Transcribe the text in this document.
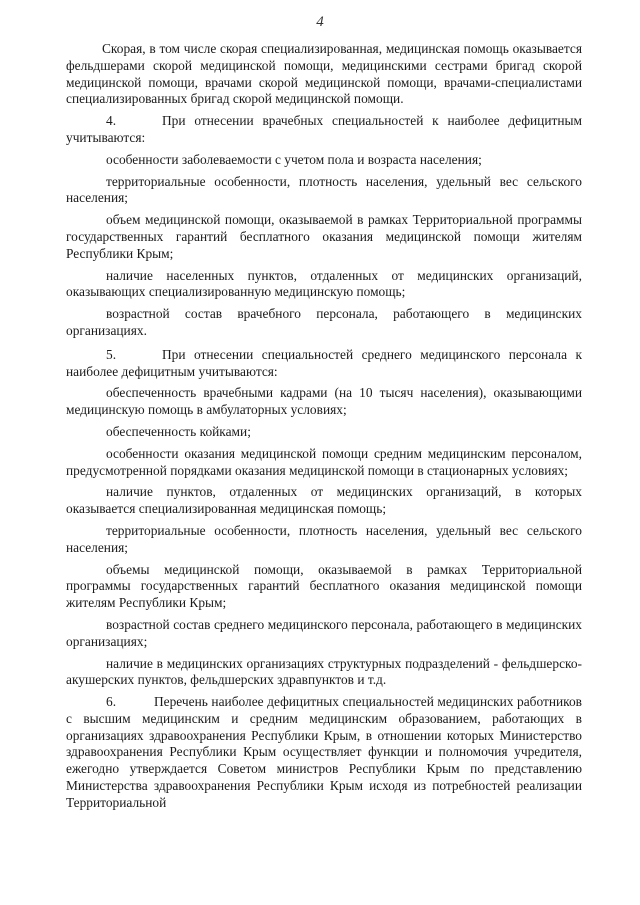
4

Скорая, в том числе скорая специализированная, медицинская помощь оказывается фельдшерами скорой медицинской помощи, медицинскими сестрами бригад скорой медицинской помощи, врачами скорой медицинской помощи, врачами-специалистами специализированных бригад скорой медицинской помощи.

4.	При отнесении врачебных специальностей к наиболее дефицитным учитываются:

особенности заболеваемости с учетом пола и возраста населения;

территориальные особенности, плотность населения, удельный вес сельского населения;

объем медицинской помощи, оказываемой в рамках Территориальной программы государственных гарантий бесплатного оказания медицинской помощи жителям Республики Крым;

наличие населенных пунктов, отдаленных от медицинских организаций, оказывающих специализированную медицинскую помощь;

возрастной состав врачебного персонала, работающего в медицинских организациях.

5.	При отнесении специальностей среднего медицинского персонала к наиболее дефицитным учитываются:

обеспеченность врачебными кадрами (на 10 тысяч населения), оказывающими медицинскую помощь в амбулаторных условиях;

обеспеченность койками;

особенности оказания медицинской помощи средним медицинским персоналом, предусмотренной порядками оказания медицинской помощи в стационарных условиях;

наличие пунктов, отдаленных от медицинских организаций, в которых оказывается специализированная медицинская помощь;

территориальные особенности, плотность населения, удельный вес сельского населения;

объемы медицинской помощи, оказываемой в рамках Территориальной программы государственных гарантий бесплатного оказания медицинской помощи жителям Республики Крым;

возрастной состав среднего медицинского персонала, работающего в медицинских организациях;

наличие в медицинских организациях структурных подразделений - фельдшерско-акушерских пунктов, фельдшерских здравпунктов и т.д.

6.	Перечень наиболее дефицитных специальностей медицинских работников с высшим медицинским и средним медицинским образованием, работающих в организациях здравоохранения Республики Крым, в отношении которых Министерство здравоохранения Республики Крым осуществляет функции и полномочия учредителя, ежегодно утверждается Советом министров Республики Крым по представлению Министерства здравоохранения Республики Крым исходя из потребностей реализации Территориальной
